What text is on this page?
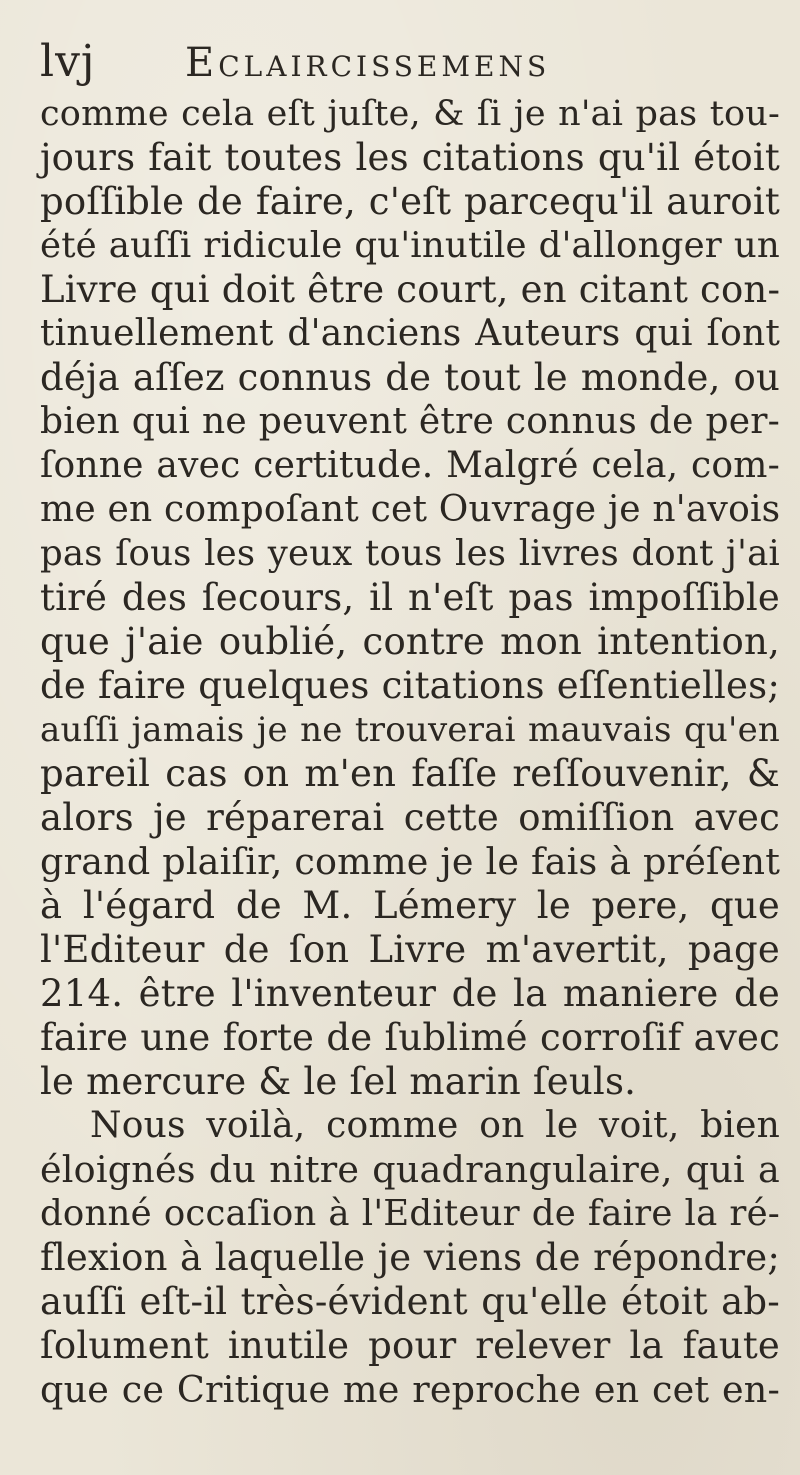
lvj Eclaircissemens
comme cela eſt juſte, & ſi je n'ai pas tou-
jours fait toutes les citations qu'il étoit
poſſible de faire, c'eſt parcequ'il auroit
été auſſi ridicule qu'inutile d'allonger un
Livre qui doit être court, en citant con-
tinuellement d'anciens Auteurs qui ſont
déja aſſez connus de tout le monde, ou
bien qui ne peuvent être connus de per-
ſonne avec certitude. Malgré cela, com-
me en compoſant cet Ouvrage je n'avois
pas ſous les yeux tous les livres dont j'ai
tiré des ſecours, il n'eſt pas impoſſible
que j'aie oublié, contre mon intention,
de faire quelques citations eſſentielles;
auſſi jamais je ne trouverai mauvais qu'en
pareil cas on m'en faſſe reſſouvenir, &
alors je réparerai cette omiſſion avec
grand plaiſir, comme je le fais à préſent
à l'égard de M. Lémery le pere, que
l'Editeur de ſon Livre m'avertit, page
214. être l'inventeur de la maniere de
faire une forte de ſublimé corroſif avec
le mercure & le ſel marin ſeuls.
Nous voilà, comme on le voit, bien
éloignés du nitre quadrangulaire, qui a
donné occaſion à l'Editeur de faire la ré-
flexion à laquelle je viens de répondre;
auſſi eſt-il très-évident qu'elle étoit ab-
ſolument inutile pour relever la faute
que ce Critique me reproche en cet en-
